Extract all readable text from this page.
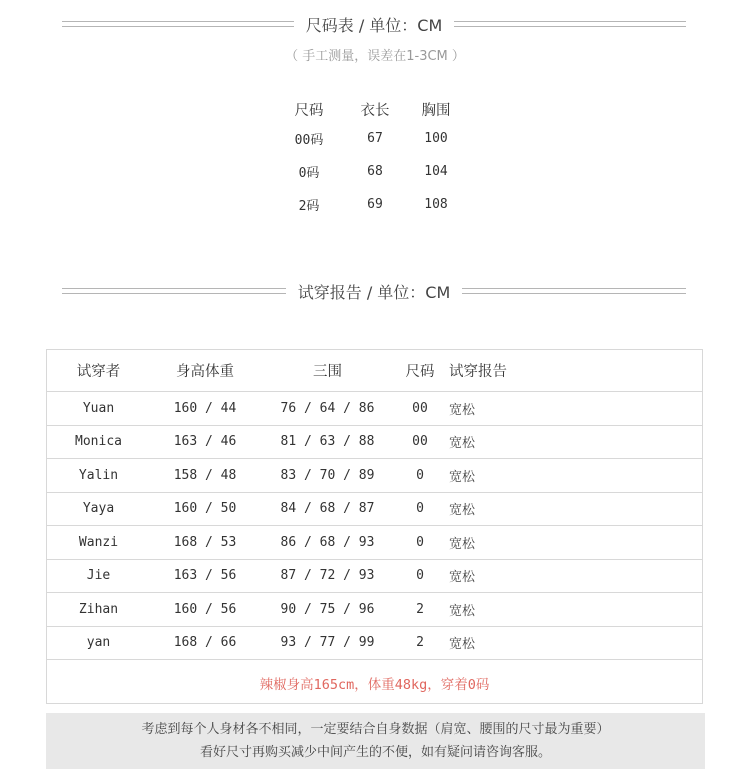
尺码表 / 单位：CM
（ 手工测量，误差在1-3CM ）
尺码	衣长	胸围
00码	67	100
0码	68	104
2码	69	108
试穿报告 / 单位：CM
试穿者	身高体重	三围	尺码	试穿报告
Yuan	160 / 44	76 / 64 / 86	00	宽松
Monica	163 / 46	81 / 63 / 88	00	宽松
Yalin	158 / 48	83 / 70 / 89	0	宽松
Yaya	160 / 50	84 / 68 / 87	0	宽松
Wanzi	168 / 53	86 / 68 / 93	0	宽松
Jie	163 / 56	87 / 72 / 93	0	宽松
Zihan	160 / 56	90 / 75 / 96	2	宽松
yan	168 / 66	93 / 77 / 99	2	宽松
辣椒身高165cm，体重48kg，穿着0码
考虑到每个人身材各不相同，一定要结合自身数据（肩宽、腰围的尺寸最为重要）
看好尺寸再购买减少中间产生的不便，如有疑问请咨询客服。
